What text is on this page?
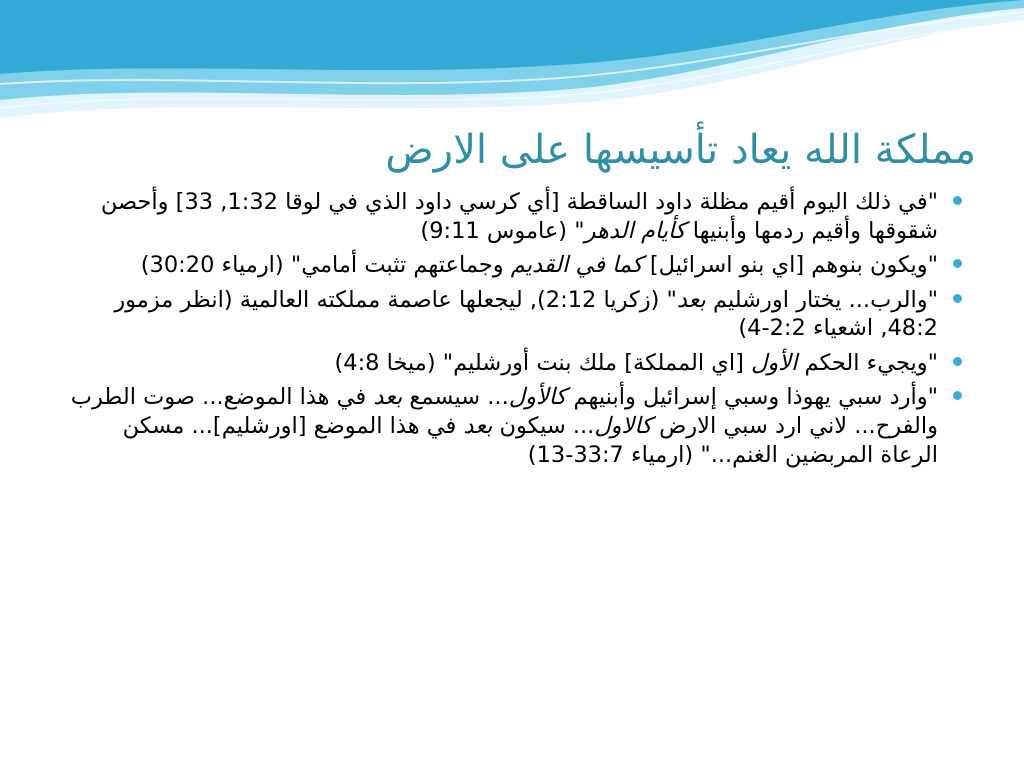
مملكة الله يعاد تأسيسها على الارض
"في ذلك اليوم أقيم مظلة داود الساقطة [أي كرسي داود الذي في لوقا 1:32, 33] وأحصن شقوقها وأقيم ردمها وأبنيها كأيام الدهر" (عاموس 9:11)
"ويكون بنوهم [اي بنو اسرائيل] كما في القديم وجماعتهم تثبت أمامي" (ارمياء 30:20)
"والرب... يختار اورشليم بعد" (زكريا 2:12), ليجعلها عاصمة مملكته العالمية (انظر مزمور 48:2, اشعياء 2:2-4)
"ويجيء الحكم الأول [اي المملكة] ملك بنت أورشليم" (ميخا 4:8)
"وأرد سبي يهوذا وسبي إسرائيل وأبنيهم كالأول... سيسمع بعد في هذا الموضع... صوت الطرب والفرح... لاني ارد سبي الارض كالاول... سيكون بعد في هذا الموضع [اورشليم]... مسكن الرعاة المربضين الغنم..." (ارمياء 33:7-13)
